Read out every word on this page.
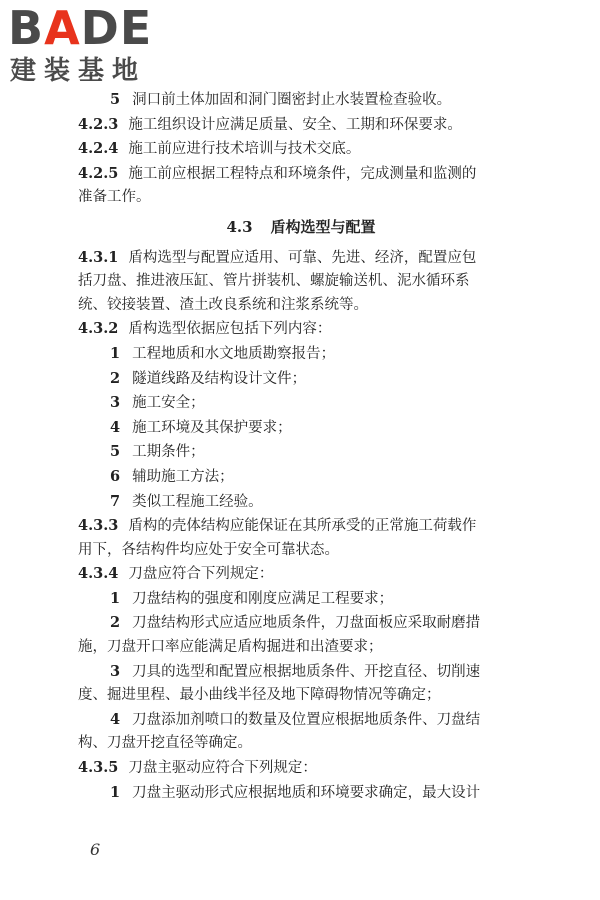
BADE
建装基地
5 洞口前土体加固和洞门圈密封止水装置检查验收。
4.2.3 施工组织设计应满足质量、安全、工期和环保要求。
4.2.4 施工前应进行技术培训与技术交底。
4.2.5 施工前应根据工程特点和环境条件，完成测量和监测的
准备工作。
4.3 盾构选型与配置
4.3.1 盾构选型与配置应适用、可靠、先进、经济，配置应包
括刀盘、推进液压缸、管片拼装机、螺旋输送机、泥水循环系
统、铰接装置、渣土改良系统和注浆系统等。
4.3.2 盾构选型依据应包括下列内容：
1 工程地质和水文地质勘察报告；
2 隧道线路及结构设计文件；
3 施工安全；
4 施工环境及其保护要求；
5 工期条件；
6 辅助施工方法；
7 类似工程施工经验。
4.3.3 盾构的壳体结构应能保证在其所承受的正常施工荷载作
用下，各结构件均应处于安全可靠状态。
4.3.4 刀盘应符合下列规定：
1 刀盘结构的强度和刚度应满足工程要求；
2 刀盘结构形式应适应地质条件，刀盘面板应采取耐磨措
施，刀盘开口率应能满足盾构掘进和出渣要求；
3 刀具的选型和配置应根据地质条件、开挖直径、切削速
度、掘进里程、最小曲线半径及地下障碍物情况等确定；
4 刀盘添加剂喷口的数量及位置应根据地质条件、刀盘结
构、刀盘开挖直径等确定。
4.3.5 刀盘主驱动应符合下列规定：
1 刀盘主驱动形式应根据地质和环境要求确定，最大设计
6
